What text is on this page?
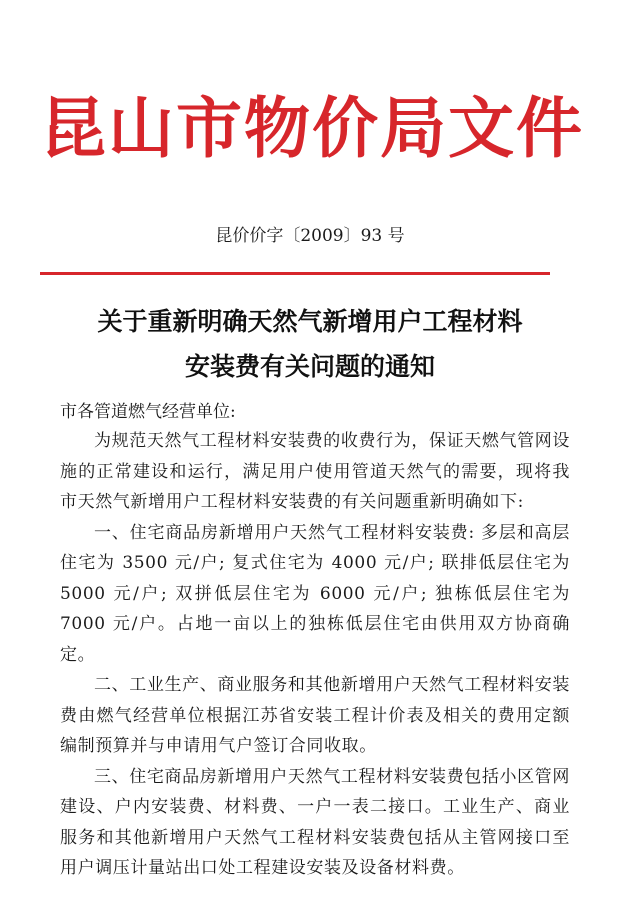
昆山市物价局文件
昆价价字〔2009〕93 号
关于重新明确天然气新增用户工程材料
安装费有关问题的通知
市各管道燃气经营单位:

为规范天然气工程材料安装费的收费行为，保证天燃气管网设施的正常建设和运行，满足用户使用管道天然气的需要，现将我市天然气新增用户工程材料安装费的有关问题重新明确如下:

一、住宅商品房新增用户天然气工程材料安装费: 多层和高层住宅为 3500 元/户; 复式住宅为 4000 元/户; 联排低层住宅为 5000 元/户; 双拼低层住宅为 6000 元/户; 独栋低层住宅为 7000 元/户。占地一亩以上的独栋低层住宅由供用双方协商确定。

二、工业生产、商业服务和其他新增用户天然气工程材料安装费由燃气经营单位根据江苏省安装工程计价表及相关的费用定额编制预算并与申请用气户签订合同收取。

三、住宅商品房新增用户天然气工程材料安装费包括小区管网建设、户内安装费、材料费、一户一表二接口。工业生产、商业服务和其他新增用户天然气工程材料安装费包括从主管网接口至用户调压计量站出口处工程建设安装及设备材料费。
